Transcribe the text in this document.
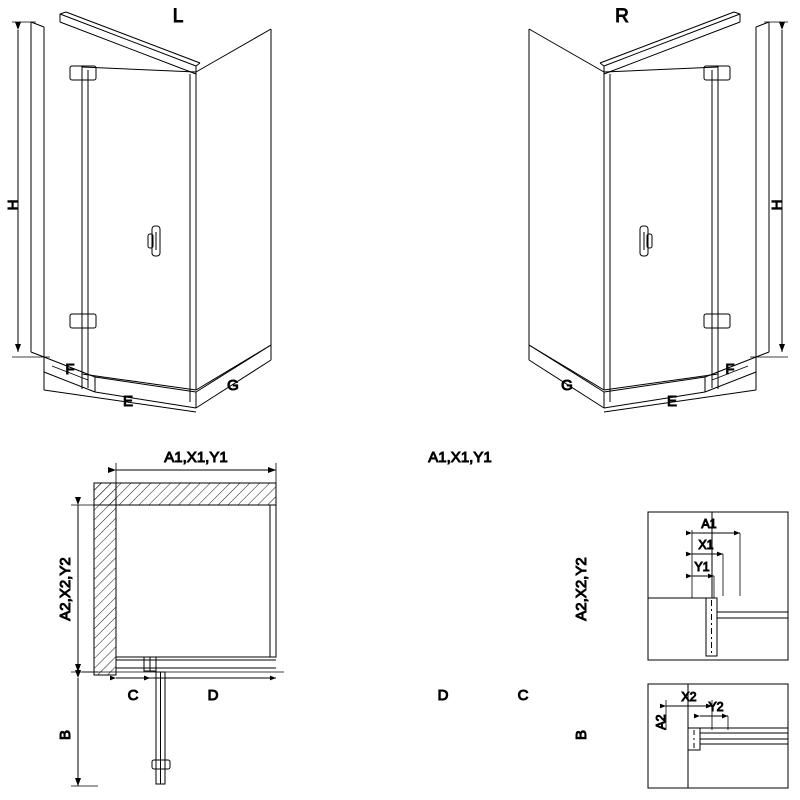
H
F
E
G
L
H
F
E
G
R
A1,X1,Y1
A2,X2,Y2
C	D
B
A1,X1,Y1
A2,X2,Y2
D	C
B
A1
X1
Y1
A2
X2
Y2
